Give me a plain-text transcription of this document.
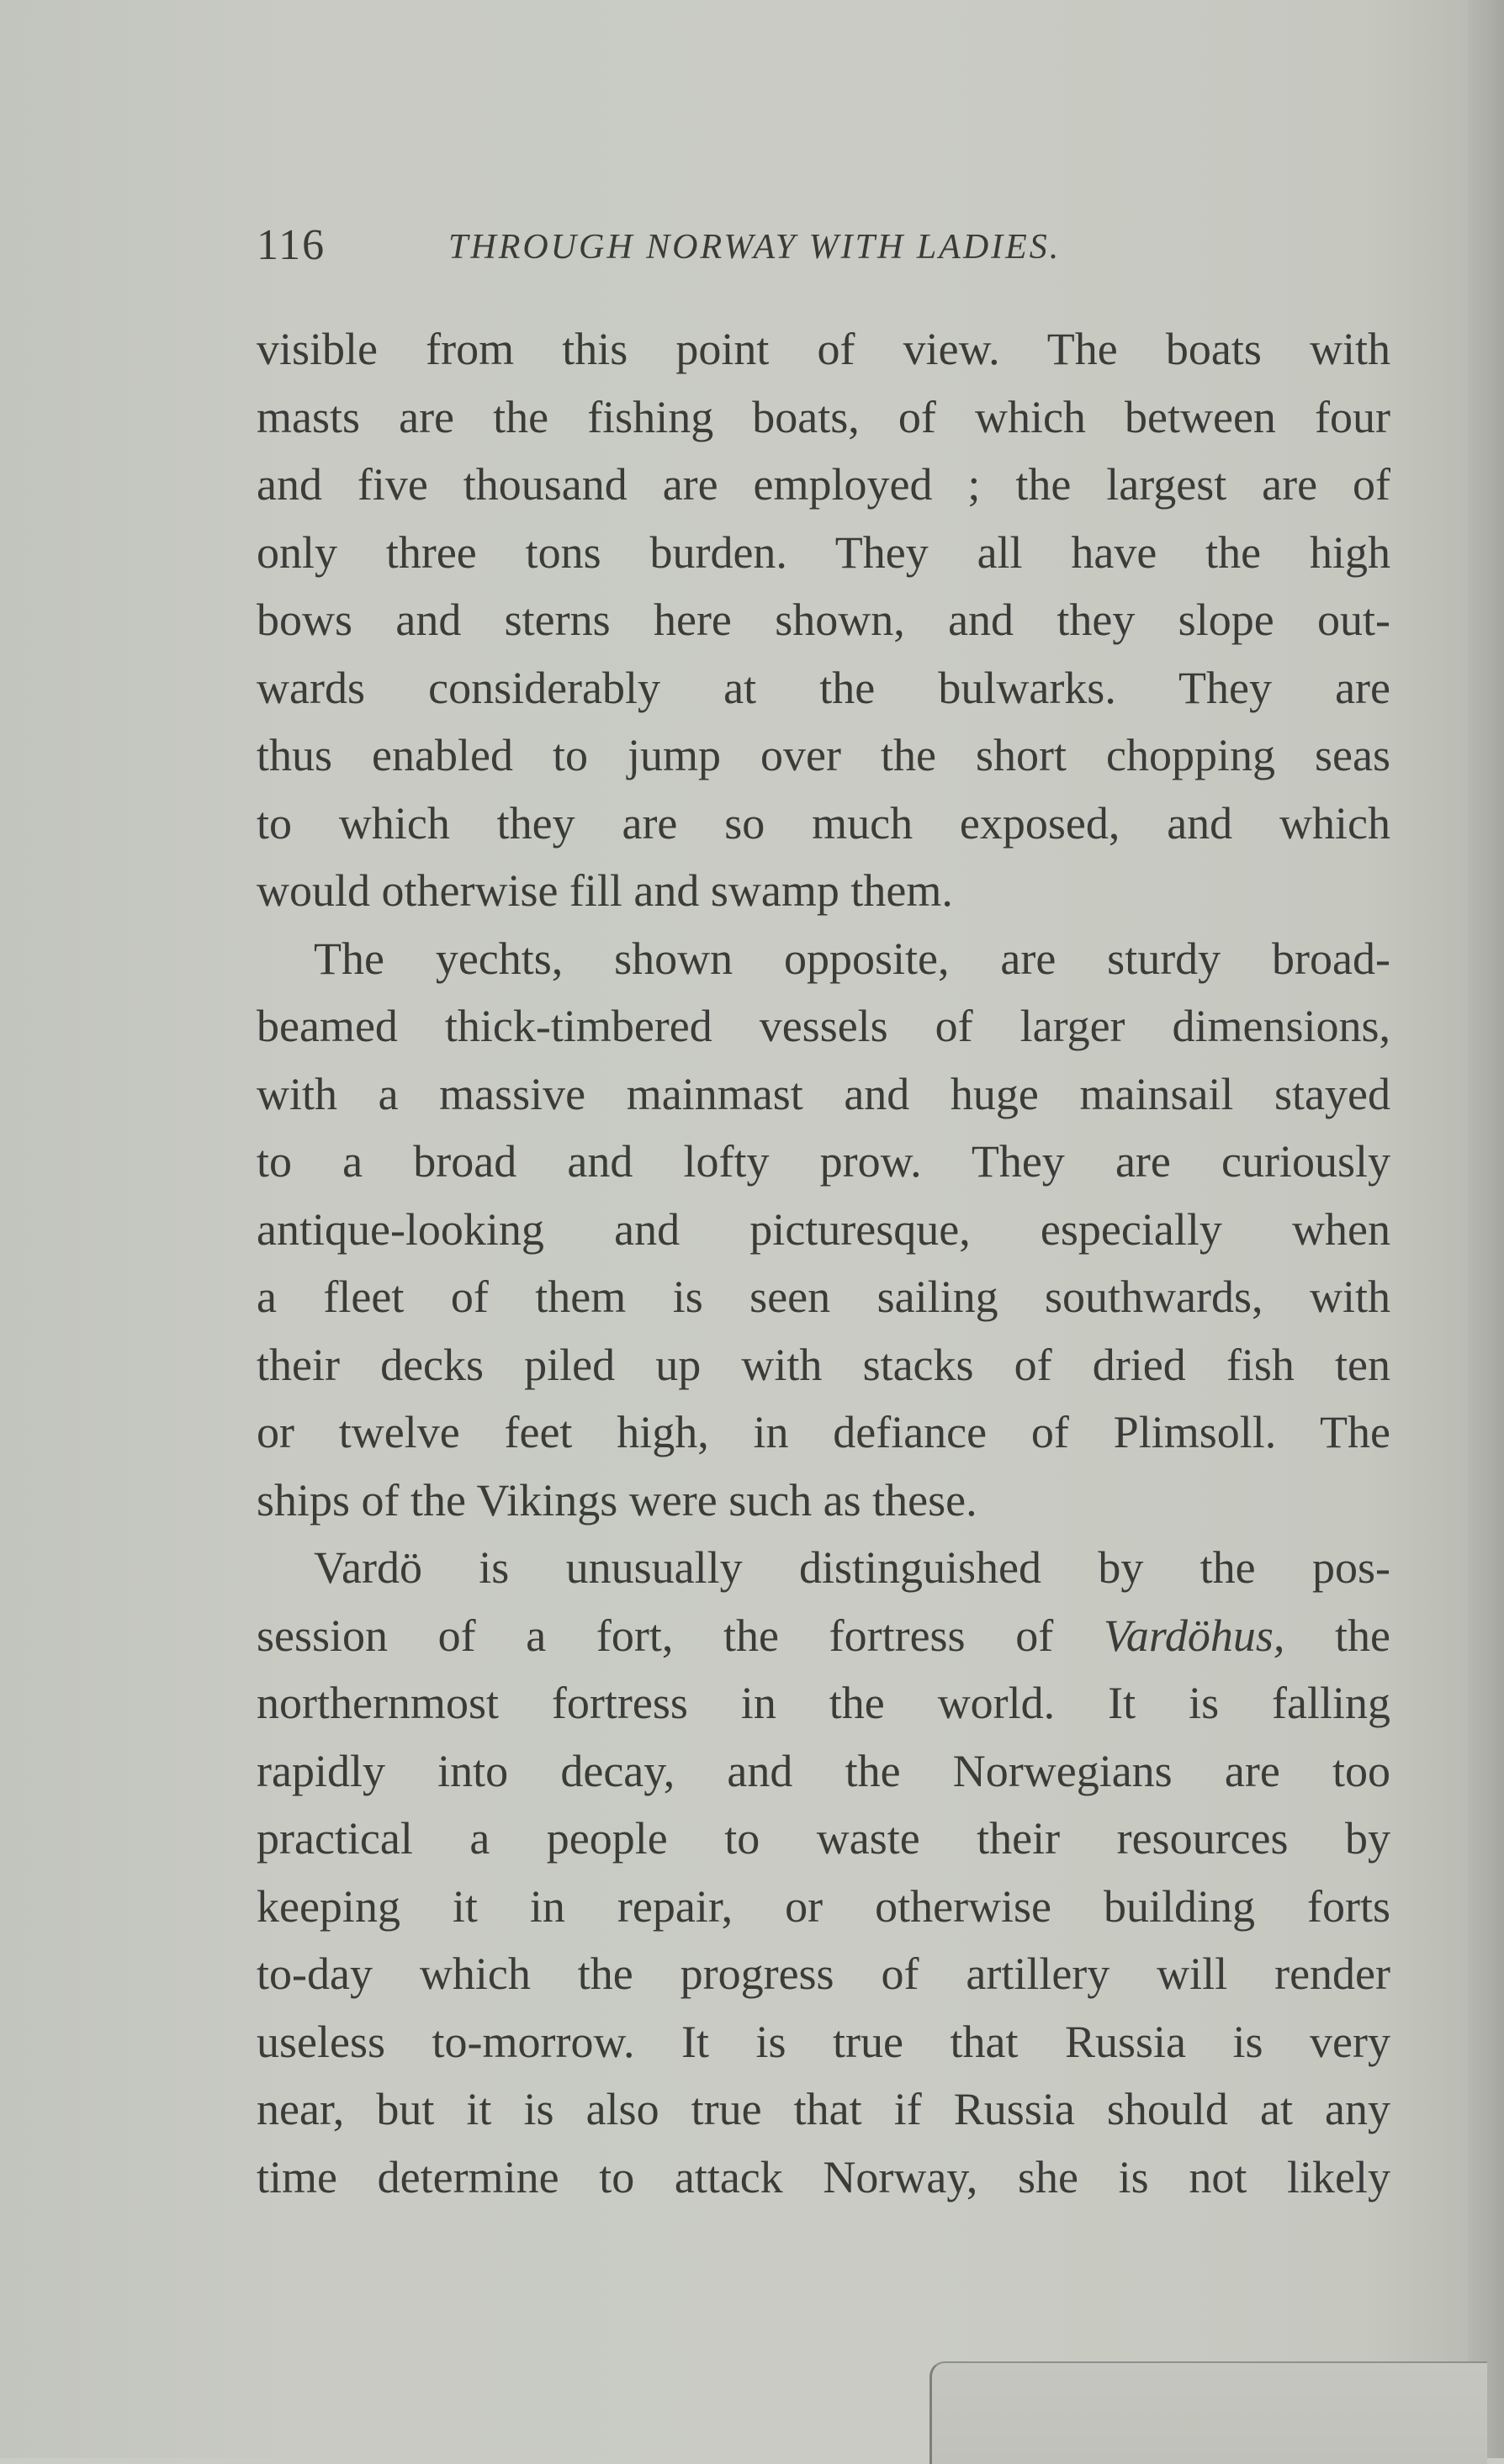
116	THROUGH NORWAY WITH LADIES.
visible from this point of view. The boats with
masts are the fishing boats, of which between four
and five thousand are employed ; the largest are of
only three tons burden. They all have the high
bows and sterns here shown, and they slope out-
wards considerably at the bulwarks. They are
thus enabled to jump over the short chopping seas
to which they are so much exposed, and which
would otherwise fill and swamp them.
The yechts, shown opposite, are sturdy broad-
beamed thick-timbered vessels of larger dimensions,
with a massive mainmast and huge mainsail stayed
to a broad and lofty prow. They are curiously
antique-looking and picturesque, especially when
a fleet of them is seen sailing southwards, with
their decks piled up with stacks of dried fish ten
or twelve feet high, in defiance of Plimsoll. The
ships of the Vikings were such as these.
Vardö is unusually distinguished by the pos-
session of a fort, the fortress of Vardöhus, the
northernmost fortress in the world. It is falling
rapidly into decay, and the Norwegians are too
practical a people to waste their resources by
keeping it in repair, or otherwise building forts
to-day which the progress of artillery will render
useless to-morrow. It is true that Russia is very
near, but it is also true that if Russia should at any
time determine to attack Norway, she is not likely
